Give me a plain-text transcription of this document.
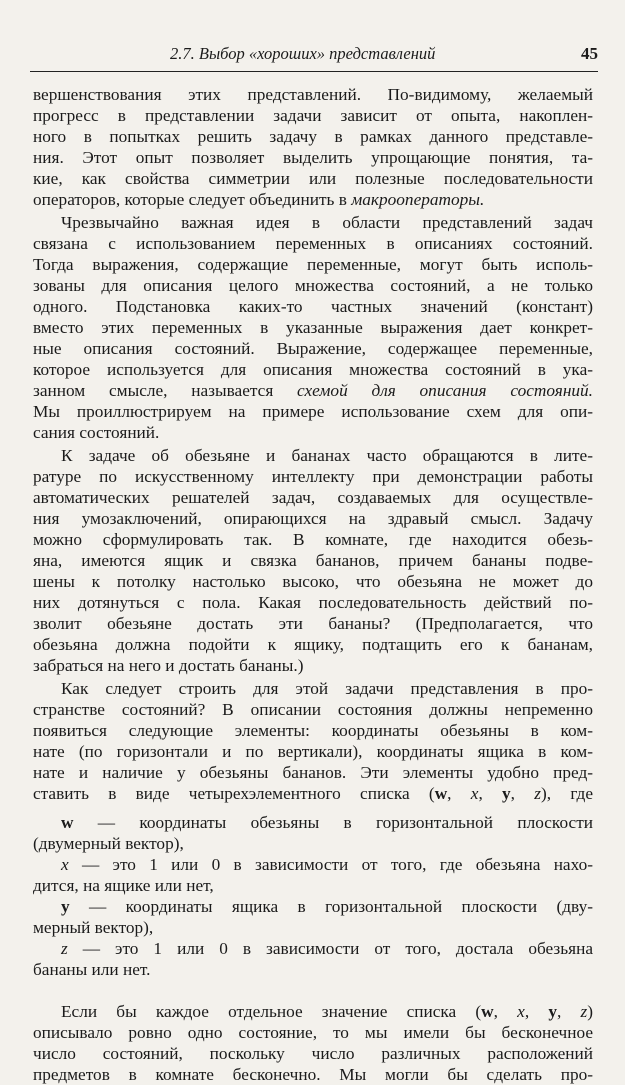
2.7. Выбор «хороших» представлений	45
вершенствования этих представлений. По-видимому, желаемый
прогресс в представлении задачи зависит от опыта, накоплен-
ного в попытках решить задачу в рамках данного представле-
ния. Этот опыт позволяет выделить упрощающие понятия, та-
кие, как свойства симметрии или полезные последовательности
операторов, которые следует объединить в макрооператоры.
Чрезвычайно важная идея в области представлений задач
связана с использованием переменных в описаниях состояний.
Тогда выражения, содержащие переменные, могут быть исполь-
зованы для описания целого множества состояний, а не только
одного. Подстановка каких-то частных значений (констант)
вместо этих переменных в указанные выражения дает конкрет-
ные описания состояний. Выражение, содержащее переменные,
которое используется для описания множества состояний в ука-
занном смысле, называется схемой для описания состояний.
Мы проиллюстрируем на примере использование схем для опи-
сания состояний.
К задаче об обезьяне и бананах часто обращаются в лите-
ратуре по искусственному интеллекту при демонстрации работы
автоматических решателей задач, создаваемых для осуществле-
ния умозаключений, опирающихся на здравый смысл. Задачу
можно сформулировать так. В комнате, где находится обезь-
яна, имеются ящик и связка бананов, причем бананы подве-
шены к потолку настолько высоко, что обезьяна не может до
них дотянуться с пола. Какая последовательность действий по-
зволит обезьяне достать эти бананы? (Предполагается, что
обезьяна должна подойти к ящику, подтащить его к бананам,
забраться на него и достать бананы.)
Как следует строить для этой задачи представления в про-
странстве состояний? В описании состояния должны непременно
появиться следующие элементы: координаты обезьяны в ком-
нате (по горизонтали и по вертикали), координаты ящика в ком-
нате и наличие у обезьяны бананов. Эти элементы удобно пред-
ставить в виде четырехэлементного списка (w, x, y, z), где
w — координаты обезьяны в горизонтальной плоскости
(двумерный вектор),
x — это 1 или 0 в зависимости от того, где обезьяна нахо-
дится, на ящике или нет,
y — координаты ящика в горизонтальной плоскости (дву-
мерный вектор),
z — это 1 или 0 в зависимости от того, достала обезьяна
бананы или нет.
Если бы каждое отдельное значение списка (w, x, y, z)
описывало ровно одно состояние, то мы имели бы бесконечное
число состояний, поскольку число различных расположений
предметов в комнате бесконечно. Мы могли бы сделать про-
